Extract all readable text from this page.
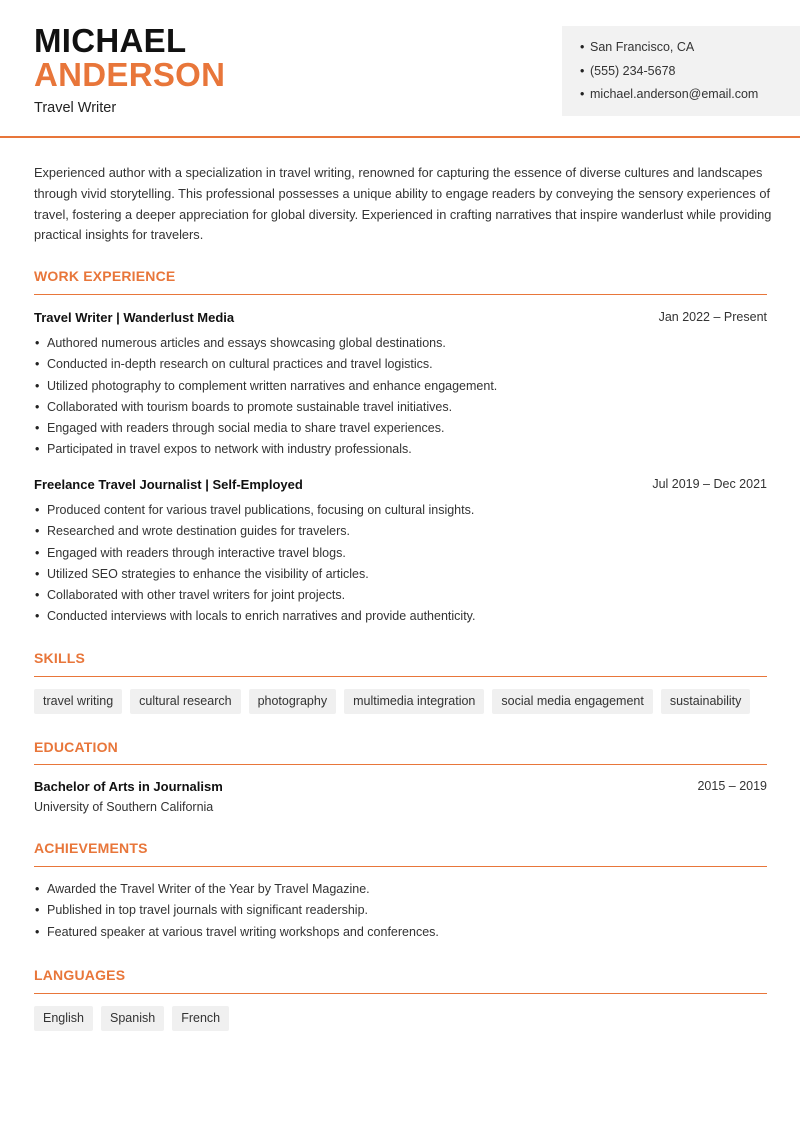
MICHAEL
ANDERSON
Travel Writer
• San Francisco, CA
• (555) 234-5678
• michael.anderson@email.com

Experienced author with a specialization in travel writing, renowned for capturing the essence of diverse cultures and landscapes through vivid storytelling. This professional possesses a unique ability to engage readers by conveying the sensory experiences of travel, fostering a deeper appreciation for global diversity. Experienced in crafting narratives that inspire wanderlust while providing practical insights for travelers.

WORK EXPERIENCE
Travel Writer | Wanderlust Media	Jan 2022 – Present
• Authored numerous articles and essays showcasing global destinations.
• Conducted in-depth research on cultural practices and travel logistics.
• Utilized photography to complement written narratives and enhance engagement.
• Collaborated with tourism boards to promote sustainable travel initiatives.
• Engaged with readers through social media to share travel experiences.
• Participated in travel expos to network with industry professionals.
Freelance Travel Journalist | Self-Employed	Jul 2019 – Dec 2021
• Produced content for various travel publications, focusing on cultural insights.
• Researched and wrote destination guides for travelers.
• Engaged with readers through interactive travel blogs.
• Utilized SEO strategies to enhance the visibility of articles.
• Collaborated with other travel writers for joint projects.
• Conducted interviews with locals to enrich narratives and provide authenticity.
SKILLS
travel writing	cultural research	photography	multimedia integration	social media engagement	sustainability
EDUCATION
Bachelor of Arts in Journalism	2015 – 2019
University of Southern California
ACHIEVEMENTS
• Awarded the Travel Writer of the Year by Travel Magazine.
• Published in top travel journals with significant readership.
• Featured speaker at various travel writing workshops and conferences.
LANGUAGES
English	Spanish	French
